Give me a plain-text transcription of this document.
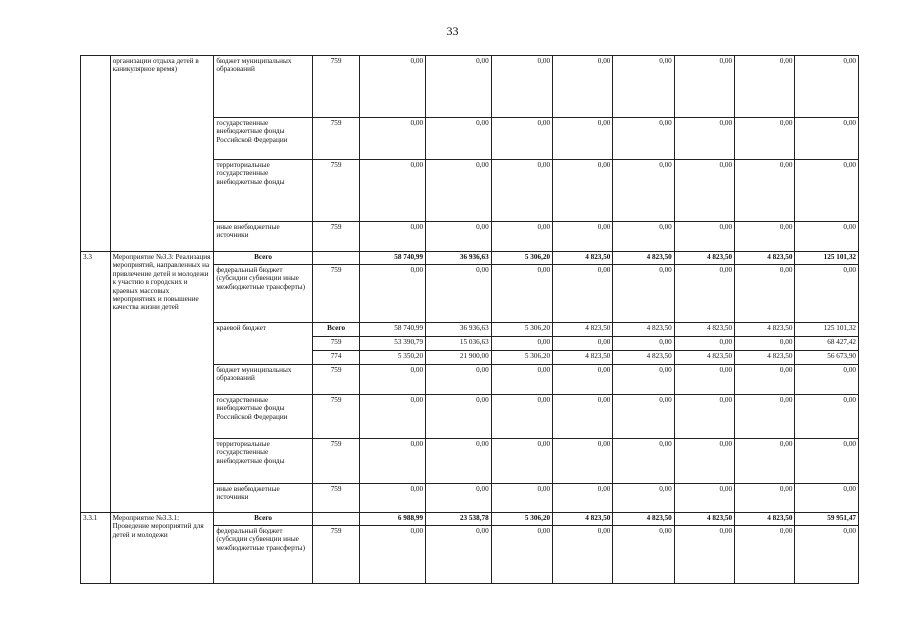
33
	организации отдыха детей в каникулярное время)	бюджет муниципальных образований	759	0,00	0,00	0,00	0,00	0,00	0,00	0,00	0,00
		государственные внебюджетные фонды Российской Федерации	759	0,00	0,00	0,00	0,00	0,00	0,00	0,00	0,00
		территориальные государственные внебюджетные фонды	759	0,00	0,00	0,00	0,00	0,00	0,00	0,00	0,00
		иные внебюджетные источники	759	0,00	0,00	0,00	0,00	0,00	0,00	0,00	0,00
3.3	Мероприятие №3.3: Реализация мероприятий, направленных на привлечение детей и молодежи к участию в городских и краевых массовых мероприятиях и повышение качества жизни детей	Всего		58 740,99	36 936,63	5 306,20	4 823,50	4 823,50	4 823,50	4 823,50	125 101,32
		федеральный бюджет (субсидии субвенции иные межбюджетные трансферты)	759	0,00	0,00	0,00	0,00	0,00	0,00	0,00	0,00
		краевой бюджет	Всего	58 740,99	36 936,63	5 306,20	4 823,50	4 823,50	4 823,50	4 823,50	125 101,32
			759	53 390,79	15 036,63	0,00	0,00	0,00	0,00	0,00	68 427,42
			774	5 350,20	21 900,00	5 306,20	4 823,50	4 823,50	4 823,50	4 823,50	56 673,90
		бюджет муниципальных образований	759	0,00	0,00	0,00	0,00	0,00	0,00	0,00	0,00
		государственные внебюджетные фонды Российской Федерации	759	0,00	0,00	0,00	0,00	0,00	0,00	0,00	0,00
		территориальные государственные внебюджетные фонды	759	0,00	0,00	0,00	0,00	0,00	0,00	0,00	0,00
		иные внебюджетные источники	759	0,00	0,00	0,00	0,00	0,00	0,00	0,00	0,00
3.3.1	Мероприятие №3.3.1: Проведение мероприятий для детей и молодежи	Всего		6 988,99	23 538,78	5 306,20	4 823,50	4 823,50	4 823,50	4 823,50	59 951,47
		федеральный бюджет (субсидии субвенции иные межбюджетные трансферты)	759	0,00	0,00	0,00	0,00	0,00	0,00	0,00	0,00
